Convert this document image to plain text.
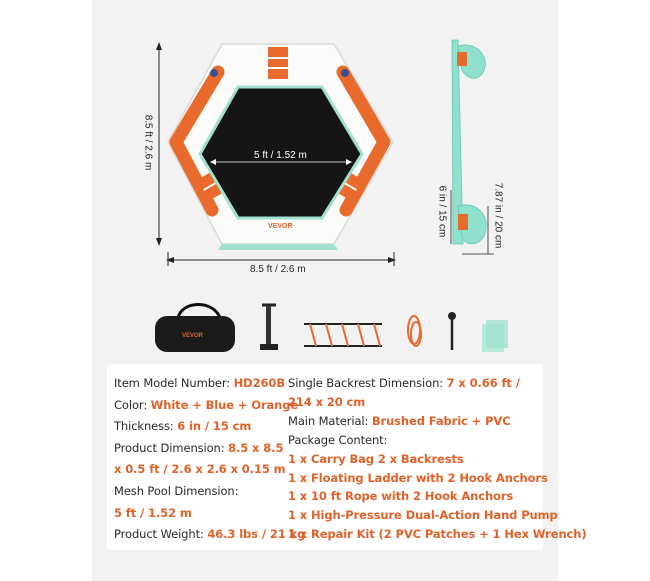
8.5 ft / 2.6 m
8.5 ft / 2.6 m
5 ft / 1.52 m
VEVOR	6 in / 15 cm	7.87 in / 20 cm
VEVOR
Item Model Number: HD260B
Color: White + Blue + Orange
Thickness: 6 in / 15 cm
Product Dimension: 8.5 x 8.5
x 0.5 ft / 2.6 x 2.6 x 0.15 m
Mesh Pool Dimension:
5 ft / 1.52 m
Product Weight: 46.3 lbs / 21 kg
Single Backrest Dimension: 7 x 0.66 ft /
214 x 20 cm
Main Material: Brushed Fabric + PVC
Package Content:
1 x Carry Bag 2 x Backrests
1 x Floating Ladder with 2 Hook Anchors
1 x 10 ft Rope with 2 Hook Anchors
1 x High-Pressure Dual-Action Hand Pump
1 x Repair Kit (2 PVC Patches + 1 Hex Wrench)
